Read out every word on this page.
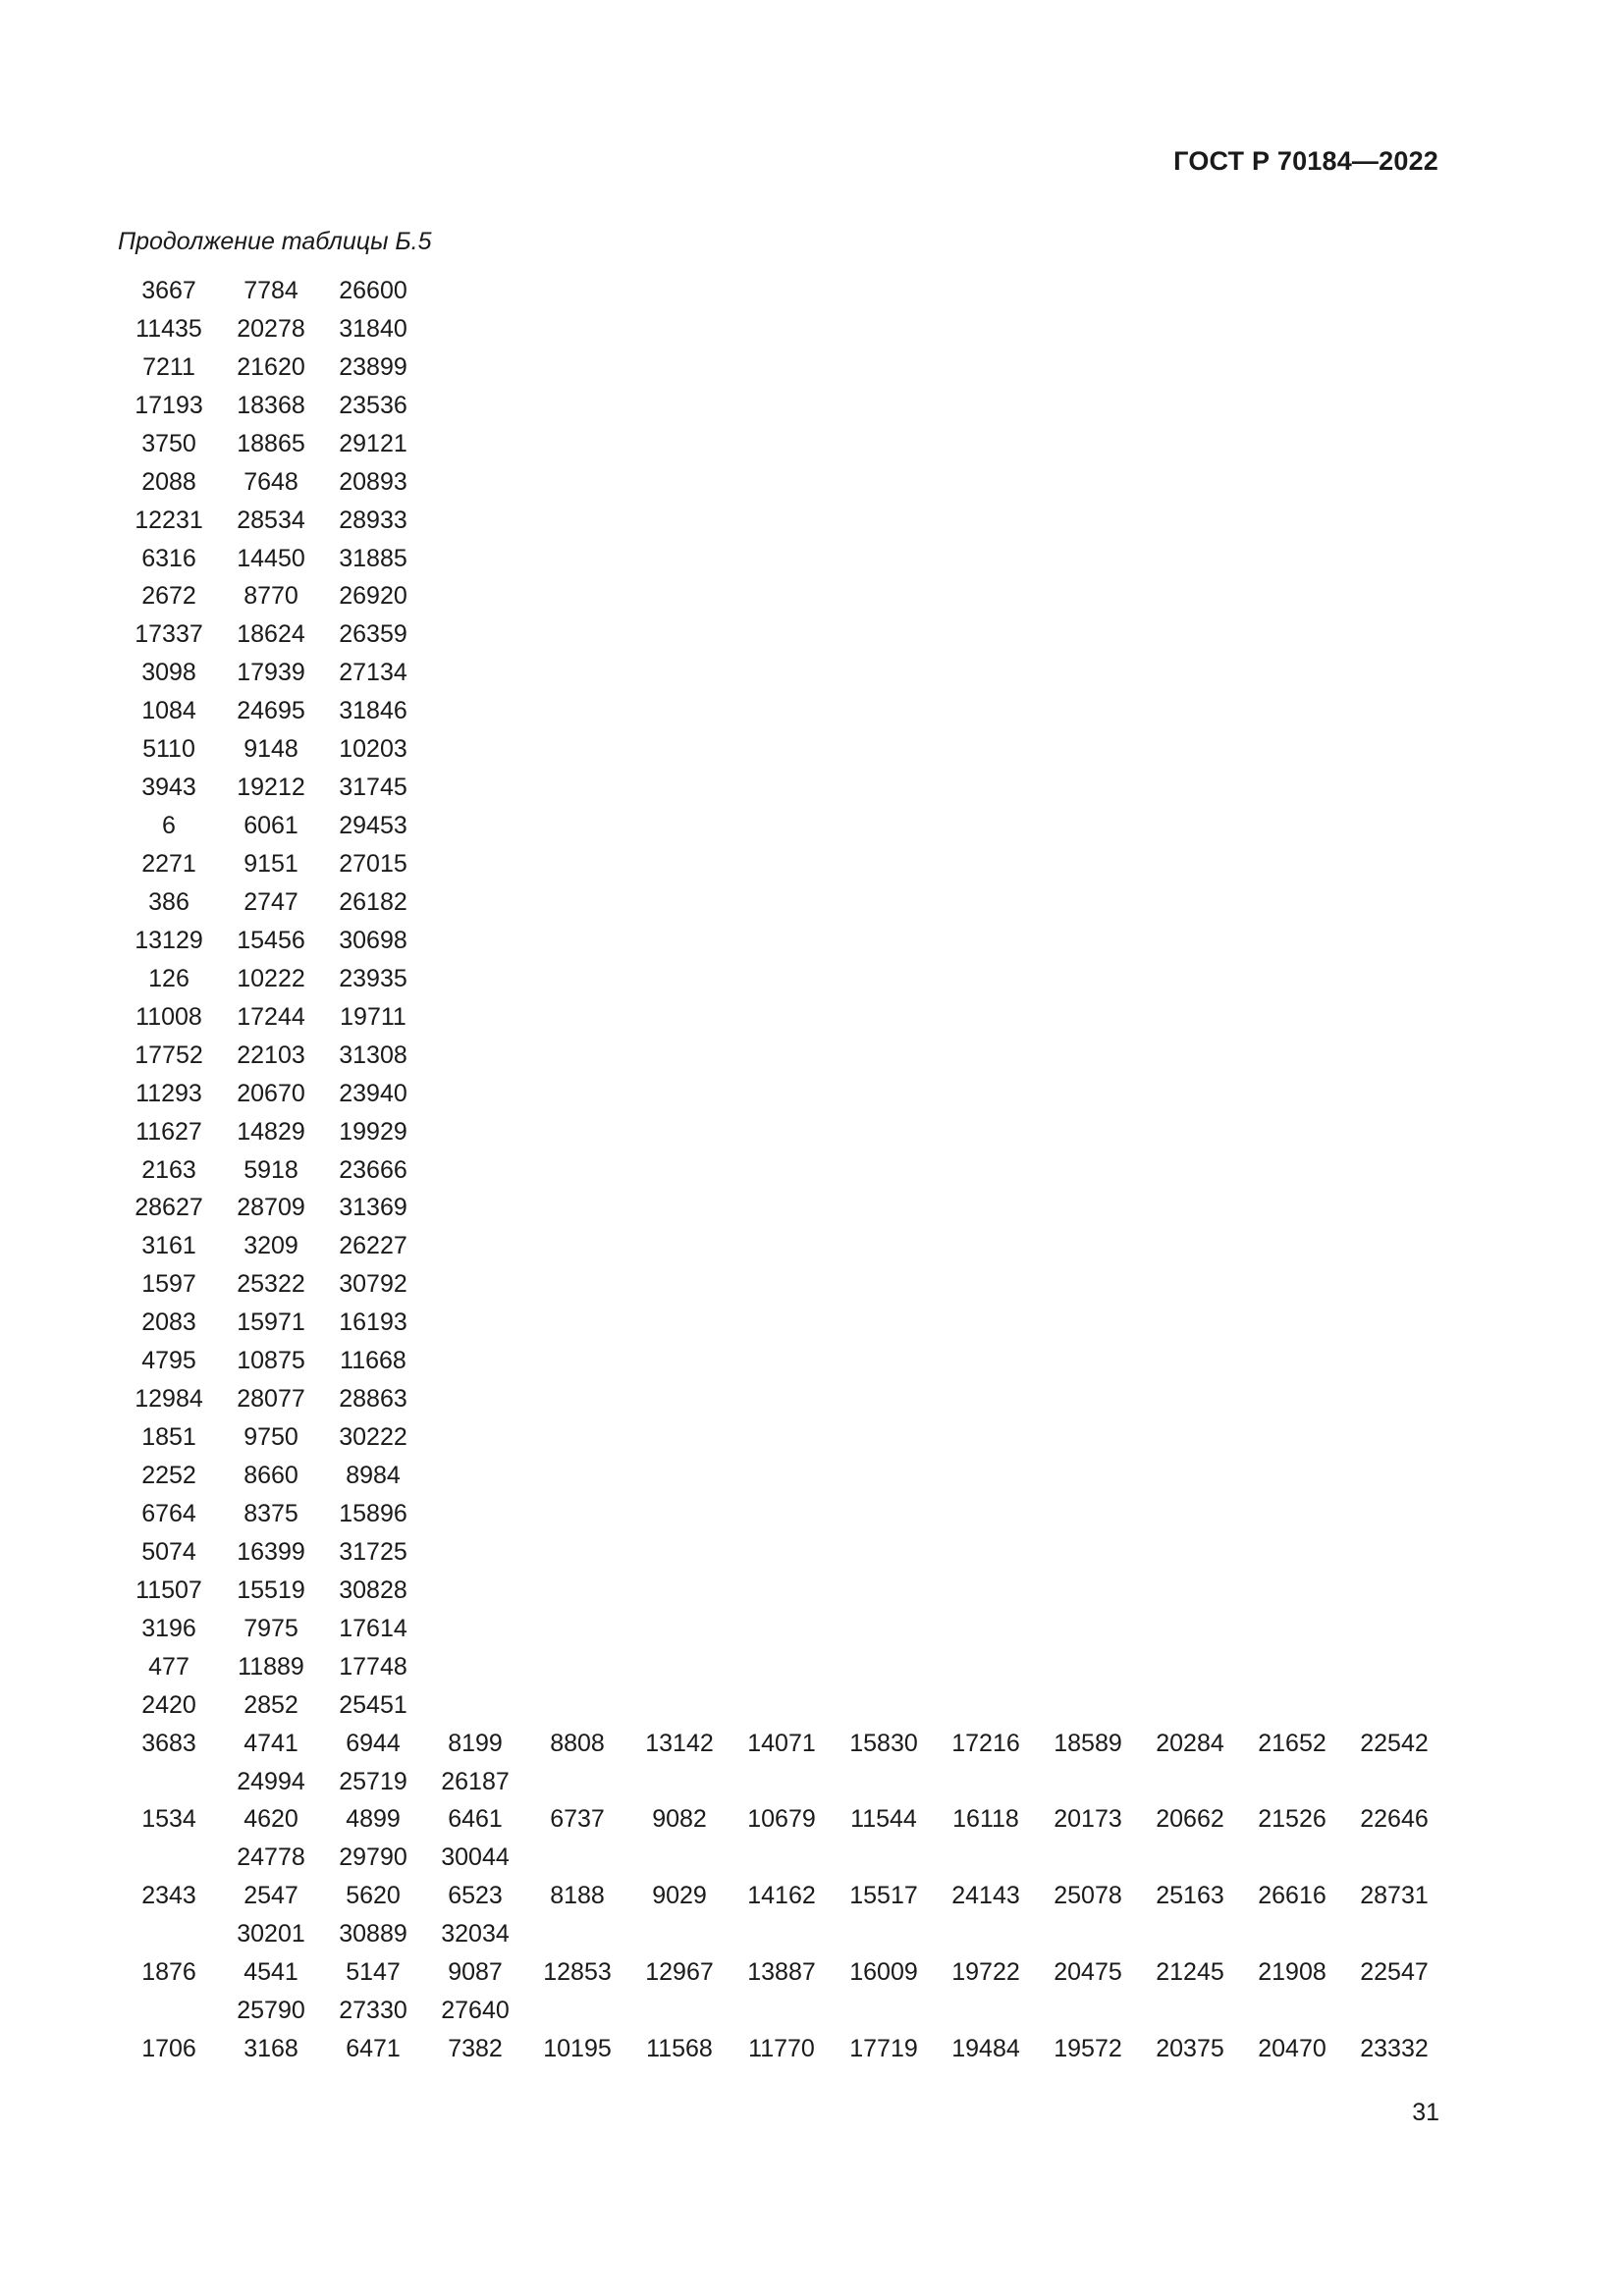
ГОСТ Р 70184—2022
Продолжение таблицы Б.5
3667	7784	26600										
11435	20278	31840										
7211	21620	23899										
17193	18368	23536										
3750	18865	29121										
2088	7648	20893										
12231	28534	28933										
6316	14450	31885										
2672	8770	26920										
17337	18624	26359										
3098	17939	27134										
1084	24695	31846										
5110	9148	10203										
3943	19212	31745										
6	6061	29453										
2271	9151	27015										
386	2747	26182										
13129	15456	30698										
126	10222	23935										
11008	17244	19711										
17752	22103	31308										
11293	20670	23940										
11627	14829	19929										
2163	5918	23666										
28627	28709	31369										
3161	3209	26227										
1597	25322	30792										
2083	15971	16193										
4795	10875	11668										
12984	28077	28863										
1851	9750	30222										
2252	8660	8984										
6764	8375	15896										
5074	16399	31725										
11507	15519	30828										
3196	7975	17614										
477	11889	17748										
2420	2852	25451										
3683	4741	6944	8199	8808	13142	14071	15830	17216	18589	20284	21652	22542
	24994	25719	26187									
1534	4620	4899	6461	6737	9082	10679	11544	16118	20173	20662	21526	22646
	24778	29790	30044									
2343	2547	5620	6523	8188	9029	14162	15517	24143	25078	25163	26616	28731
	30201	30889	32034									
1876	4541	5147	9087	12853	12967	13887	16009	19722	20475	21245	21908	22547
	25790	27330	27640									
1706	3168	6471	7382	10195	11568	11770	17719	19484	19572	20375	20470	23332
31
